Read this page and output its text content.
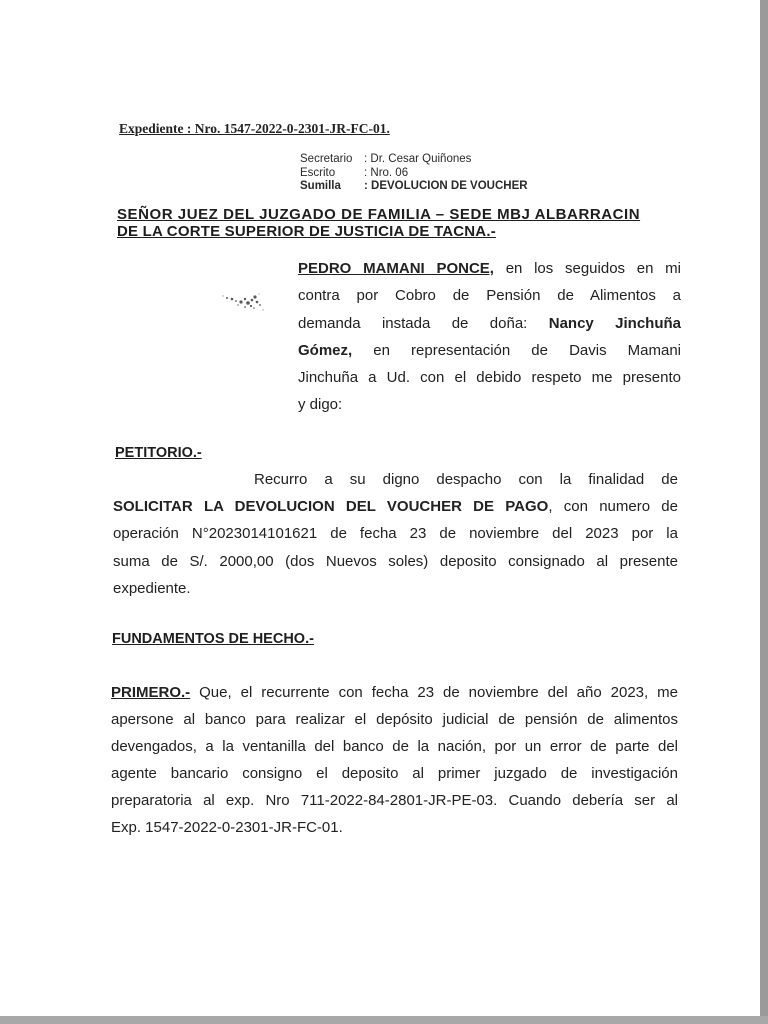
Expediente : Nro. 1547-2022-0-2301-JR-FC-01.
Secretario : Dr. Cesar Quiñones
Escrito	: Nro. 06
Sumilla : DEVOLUCION DE VOUCHER
SEÑOR JUEZ DEL JUZGADO DE FAMILIA – SEDE MBJ ALBARRACIN
DE LA CORTE SUPERIOR DE JUSTICIA DE TACNA.-
PEDRO MAMANI PONCE, en los seguidos en mi
contra por Cobro de Pensión de Alimentos a
demanda instada de doña: Nancy Jinchuña
Gómez, en representación de Davis Mamani
Jinchuña a Ud. con el debido respeto me presento
y digo:
PETITORIO.-
Recurro a su digno despacho con la finalidad de
SOLICITAR LA DEVOLUCION DEL VOUCHER DE PAGO, con numero de
operación N°2023014101621 de fecha 23 de noviembre del 2023 por la
suma de S/. 2000,00 (dos Nuevos soles) deposito consignado al presente
expediente.
FUNDAMENTOS DE HECHO.-
PRIMERO.- Que, el recurrente con fecha 23 de noviembre del año 2023, me
apersone al banco para realizar el depósito judicial de pensión de alimentos
devengados, a la ventanilla del banco de la nación, por un error de parte del
agente bancario consigno el deposito al primer juzgado de investigación
preparatoria al exp. Nro 711-2022-84-2801-JR-PE-03. Cuando debería ser al
Exp. 1547-2022-0-2301-JR-FC-01.
